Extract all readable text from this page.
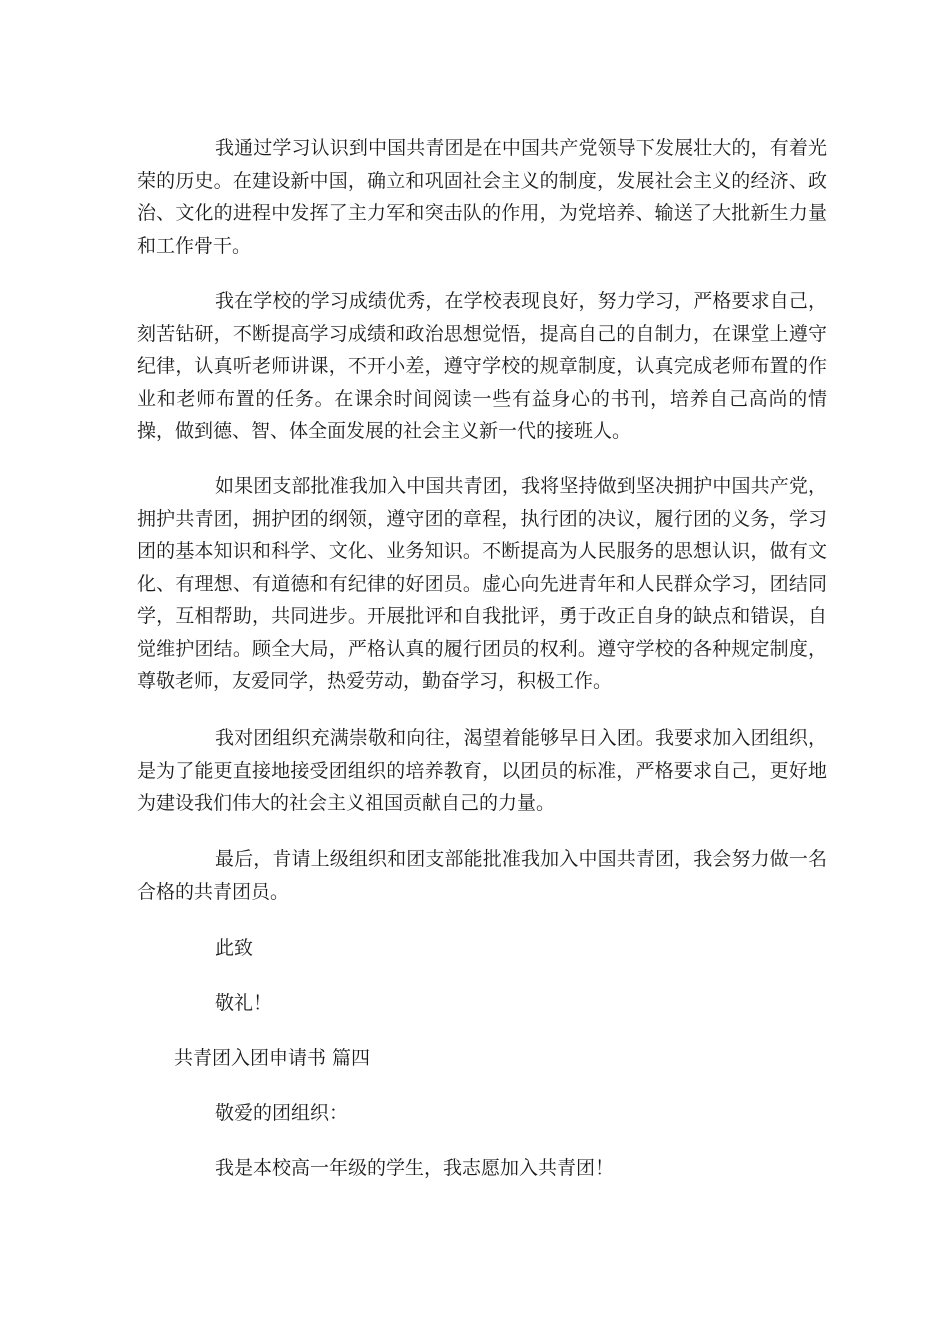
我通过学习认识到中国共青团是在中国共产党领导下发展壮大的，有着光荣的历史。在建设新中国，确立和巩固社会主义的制度，发展社会主义的经济、政治、文化的进程中发挥了主力军和突击队的作用，为党培养、输送了大批新生力量和工作骨干。

我在学校的学习成绩优秀，在学校表现良好，努力学习，严格要求自己，刻苦钻研，不断提高学习成绩和政治思想觉悟，提高自己的自制力，在课堂上遵守纪律，认真听老师讲课，不开小差，遵守学校的规章制度，认真完成老师布置的作业和老师布置的任务。在课余时间阅读一些有益身心的书刊，培养自己高尚的情操，做到德、智、体全面发展的社会主义新一代的接班人。

如果团支部批准我加入中国共青团，我将坚持做到坚决拥护中国共产党，拥护共青团，拥护团的纲领，遵守团的章程，执行团的决议，履行团的义务，学习团的基本知识和科学、文化、业务知识。不断提高为人民服务的思想认识，做有文化、有理想、有道德和有纪律的好团员。虚心向先进青年和人民群众学习，团结同学，互相帮助，共同进步。开展批评和自我批评，勇于改正自身的缺点和错误，自觉维护团结。顾全大局，严格认真的履行团员的权利。遵守学校的各种规定制度，尊敬老师，友爱同学，热爱劳动，勤奋学习，积极工作。

我对团组织充满崇敬和向往，渴望着能够早日入团。我要求加入团组织，是为了能更直接地接受团组织的培养教育，以团员的标准，严格要求自己，更好地为建设我们伟大的社会主义祖国贡献自己的力量。

最后，肯请上级组织和团支部能批准我加入中国共青团，我会努力做一名合格的共青团员。

此致

敬礼！

共青团入团申请书 篇四

敬爱的团组织：

我是本校高一年级的学生，我志愿加入共青团！
